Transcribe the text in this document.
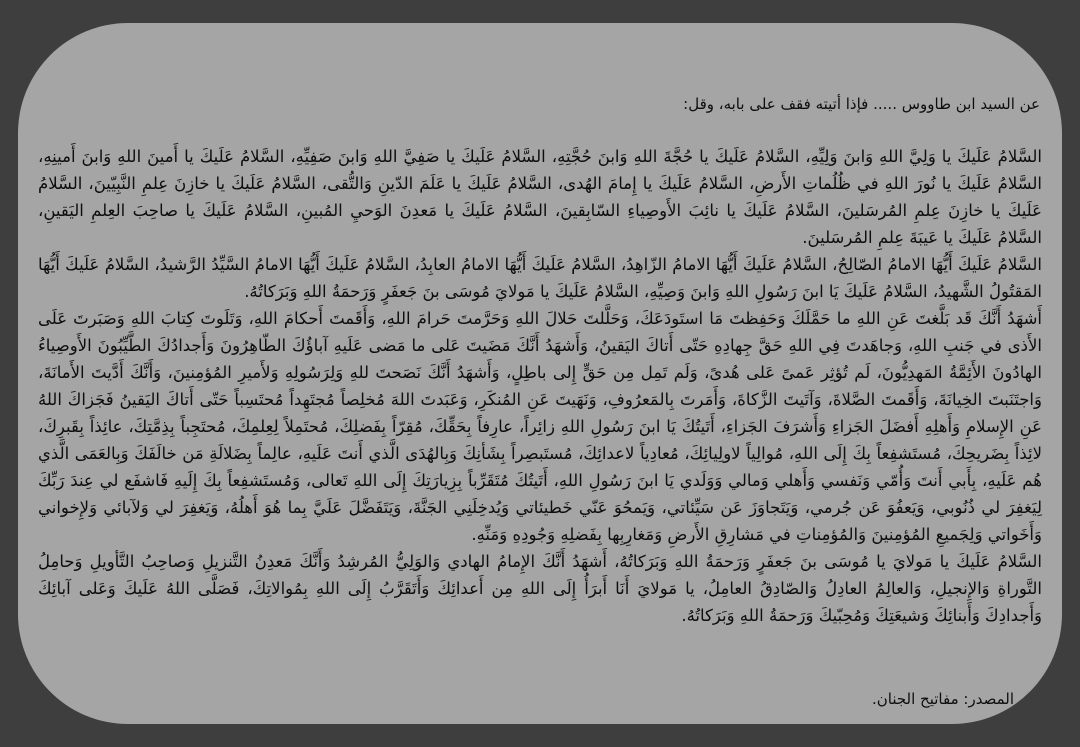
عن السيد ابن طاووس ..... فإذا أتيته فقف على بابه، وقل:

السَّلامُ عَلَيكَ يا وَلِيَّ اللهِ وَابنَ وَلِيِّهِ، السَّلامُ عَلَيكَ يا حُجَّةَ اللهِ وَابنَ حُجَّتِهِ، السَّلامُ عَلَيكَ يا صَفِيَّ اللهِ وَابنَ صَفِيِّهِ، السَّلامُ عَلَيكَ يا أَمينَ اللهِ وَابنَ أَمينِهِ، السَّلامُ عَلَيكَ يا نُورَ اللهِ في ظُلُماتِ الأَرضِ، السَّلامُ عَلَيكَ يا إِمامَ الهُدى، السَّلامُ عَلَيكَ يا عَلَمَ الدّينِ وَالتُّقى، السَّلامُ عَلَيكَ يا خازِنَ عِلمِ النَّبِيّينَ، السَّلامُ عَلَيكَ يا خازِنَ عِلمِ المُرسَلينَ، السَّلامُ عَلَيكَ يا نائِبَ الأَوصِياءِ السّابِقينَ، السَّلامُ عَلَيكَ يا مَعدِنَ الوَحيِ المُبينِ، السَّلامُ عَلَيكَ يا صاحِبَ العِلمِ اليَقينِ، السَّلامُ عَلَيكَ يا عَيبَةَ عِلمِ المُرسَلينَ.

السَّلامُ عَلَيكَ أَيُّهَا الامامُ الصّالِحُ، السَّلامُ عَلَيكَ أَيُّهَا الامامُ الزّاهِدُ، السَّلامُ عَلَيكَ أَيُّهَا الامامُ العابِدُ، السَّلامُ عَلَيكَ أَيُّهَا الامامُ السَّيِّدُ الرَّشيدُ، السَّلامُ عَلَيكَ أَيُّهَا المَقتُولُ الشَّهيدُ، السَّلامُ عَلَيكَ يَا ابنَ رَسُولِ اللهِ وَابنَ وَصِيِّهِ، السَّلامُ عَلَيكَ يا مَولايَ مُوسَى بنَ جَعفَرٍ وَرَحمَةُ اللهِ وَبَرَكاتُهُ.

أَشهَدُ أَنَّكَ قَد بَلَّغتَ عَنِ اللهِ ما حَمَّلَكَ وَحَفِظتَ مَا استَودَعَكَ، وَحَلَّلتَ حَلالَ اللهِ وَحَرَّمتَ حَرامَ اللهِ، وَأَقَمتَ أَحكامَ اللهِ، وَتَلَوتَ كِتابَ اللهِ وَصَبَرتَ عَلَى الأَذى في جَنبِ اللهِ، وَجاهَدتَ فِي اللهِ حَقَّ جِهادِهِ حَتّى أَتاكَ اليَقينُ، وَأَشهَدُ أَنَّكَ مَضَيتَ عَلى ما مَضى عَلَيهِ آباؤُكَ الطّاهِرُونَ وَأَجدادُكَ الطَّيِّبُونَ الأَوصِياءُ الهادُونَ الأَئِمَّةُ المَهدِيُّونَ، لَم تُؤثِر عَمىً عَلى هُدىً، وَلَم تَمِل مِن حَقٍّ إِلى باطِلٍ، وَأَشهَدُ أَنَّكَ نَصَحتَ للهِ وَلِرَسُولِهِ وَلأَميرِ المُؤمِنينَ، وَأَنَّكَ أَدَّيتَ الأَمانَةَ، وَاجتَنَبتَ الخِيانَةَ، وَأَقَمتَ الصَّلاةَ، وَآتَيتَ الزَّكاةَ، وَأَمَرتَ بِالمَعرُوفِ، وَنَهَيتَ عَنِ المُنكَرِ، وَعَبَدتَ اللهَ مُخلِصاً مُجتَهِداً مُحتَسِباً حَتّى أَتاكَ اليَقينُ فَجَزاكَ اللهُ عَنِ الإِسلامِ وَأَهلِهِ أَفضَلَ الجَزاءِ وَأَشرَفَ الجَزاءِ، أَتَيتُكَ يَا ابنَ رَسُولِ اللهِ زائِراً، عارِفاً بِحَقِّكَ، مُقِرّاً بِفَضلِكَ، مُحتَمِلاً لِعِلمِكَ، مُحتَجِباً بِذِمَّتِكَ، عائِذاً بِقَبرِكَ، لائِذاً بِضَريحِكَ، مُستَشفِعاً بِكَ إِلَى اللهِ، مُوالِياً لاولِيائِكَ، مُعادِياً لاعدائِكَ، مُستَبصِراً بِشَأنِكَ وَبِالهُدَى الَّذي أَنتَ عَلَيهِ، عالِماً بِضَلالَةِ مَن خالَفَكَ وَبِالعَمَى الَّذي هُم عَلَيهِ، بِأَبي أَنتَ وَأُمّي وَنَفسي وَأَهلي وَمالي وَوَلَدي يَا ابنَ رَسُولِ اللهِ، أَتَيتُكَ مُتَقَرِّباً بِزِيارَتِكَ إِلَى اللهِ تَعالى، وَمُستَشفِعاً بِكَ إِلَيهِ فَاشفَع لي عِندَ رَبِّكَ لِيَغفِرَ لي ذُنُوبي، وَيَعفُوَ عَن جُرمي، وَيَتَجاوَزَ عَن سَيِّئاتي، وَيَمحُوَ عَنّي خَطيئاتي وَيُدخِلَنِي الجَنَّةَ، وَيَتَفَضَّلَ عَلَيَّ بِما هُوَ أَهلُهُ، وَيَغفِرَ لي وَلآبائي وَلإِخواني وَأَخَواتي وَلِجَميعِ المُؤمِنينَ وَالمُؤمِناتِ في مَشارِقِ الأَرضِ وَمَغارِبِها بِفَضلِهِ وَجُودِهِ وَمَنِّهِ.

السَّلامُ عَلَيكَ يا مَولايَ يا مُوسَى بنَ جَعفَرٍ وَرَحمَةُ اللهِ وَبَرَكاتُهُ، أَشهَدُ أَنَّكَ الإِمامُ الهادي وَالوَلِيُّ المُرشِدُ وَأَنَّكَ مَعدِنُ التَّنزيلِ وَصاحِبُ التَّأويلِ وَحامِلُ التَّوراةِ وَالإِنجيلِ، وَالعالِمُ العادِلُ وَالصّادِقُ العامِلُ، يا مَولايَ أَنَا أَبرَأُ إِلَى اللهِ مِن أَعدائِكَ وَأَتَقَرَّبُ إِلَى اللهِ بِمُوالاتِكَ، فَصَلَّى اللهُ عَلَيكَ وَعَلى آبائِكَ وَأَجدادِكَ وَأَبنائِكَ وَشيعَتِكَ وَمُحِبّيكَ وَرَحمَةُ اللهِ وَبَرَكاتُهُ.

المصدر: مفاتيح الجنان.
